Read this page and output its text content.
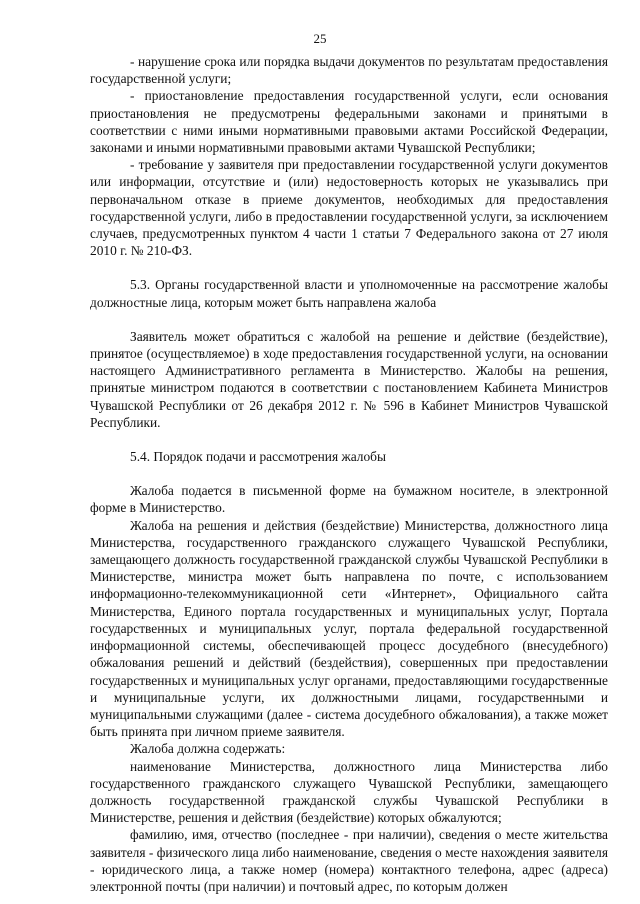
25

- нарушение срока или порядка выдачи документов по результатам предоставления государственной услуги;

- приостановление предоставления государственной услуги, если основания приостановления не предусмотрены федеральными законами и принятыми в соответствии с ними иными нормативными правовыми актами Российской Федерации, законами и иными нормативными правовыми актами Чувашской Республики;

- требование у заявителя при предоставлении государственной услуги документов или информации, отсутствие и (или) недостоверность которых не указывались при первоначальном отказе в приеме документов, необходимых для предоставления государственной услуги, либо в предоставлении государственной услуги, за исключением случаев, предусмотренных пунктом 4 части 1 статьи 7 Федерального закона от 27 июля 2010 г. № 210-ФЗ.

5.3. Органы государственной власти и уполномоченные на рассмотрение жалобы должностные лица, которым может быть направлена жалоба

Заявитель может обратиться с жалобой на решение и действие (бездействие), принятое (осуществляемое) в ходе предоставления государственной услуги, на основании настоящего Административного регламента в Министерство. Жалобы на решения, принятые министром подаются в соответствии с постановлением Кабинета Министров Чувашской Республики от 26 декабря 2012 г. № 596 в Кабинет Министров Чувашской Республики.

5.4. Порядок подачи и рассмотрения жалобы

Жалоба подается в письменной форме на бумажном носителе, в электронной форме в Министерство.

Жалоба на решения и действия (бездействие) Министерства, должностного лица Министерства, государственного гражданского служащего Чувашской Республики, замещающего должность государственной гражданской службы Чувашской Республики в Министерстве, министра может быть направлена по почте, с использованием информационно-телекоммуникационной сети «Интернет», Официального сайта Министерства, Единого портала государственных и муниципальных услуг, Портала государственных и муниципальных услуг, портала федеральной государственной информационной системы, обеспечивающей процесс досудебного (внесудебного) обжалования решений и действий (бездействия), совершенных при предоставлении государственных и муниципальных услуг органами, предоставляющими государственные и муниципальные услуги, их должностными лицами, государственными и муниципальными служащими (далее - система досудебного обжалования), а также может быть принята при личном приеме заявителя.

Жалоба должна содержать:

наименование Министерства, должностного лица Министерства либо государственного гражданского служащего Чувашской Республики, замещающего должность государственной гражданской службы Чувашской Республики в Министерстве, решения и действия (бездействие) которых обжалуются;

фамилию, имя, отчество (последнее - при наличии), сведения о месте жительства заявителя - физического лица либо наименование, сведения о месте нахождения заявителя - юридического лица, а также номер (номера) контактного телефона, адрес (адреса) электронной почты (при наличии) и почтовый адрес, по которым должен
